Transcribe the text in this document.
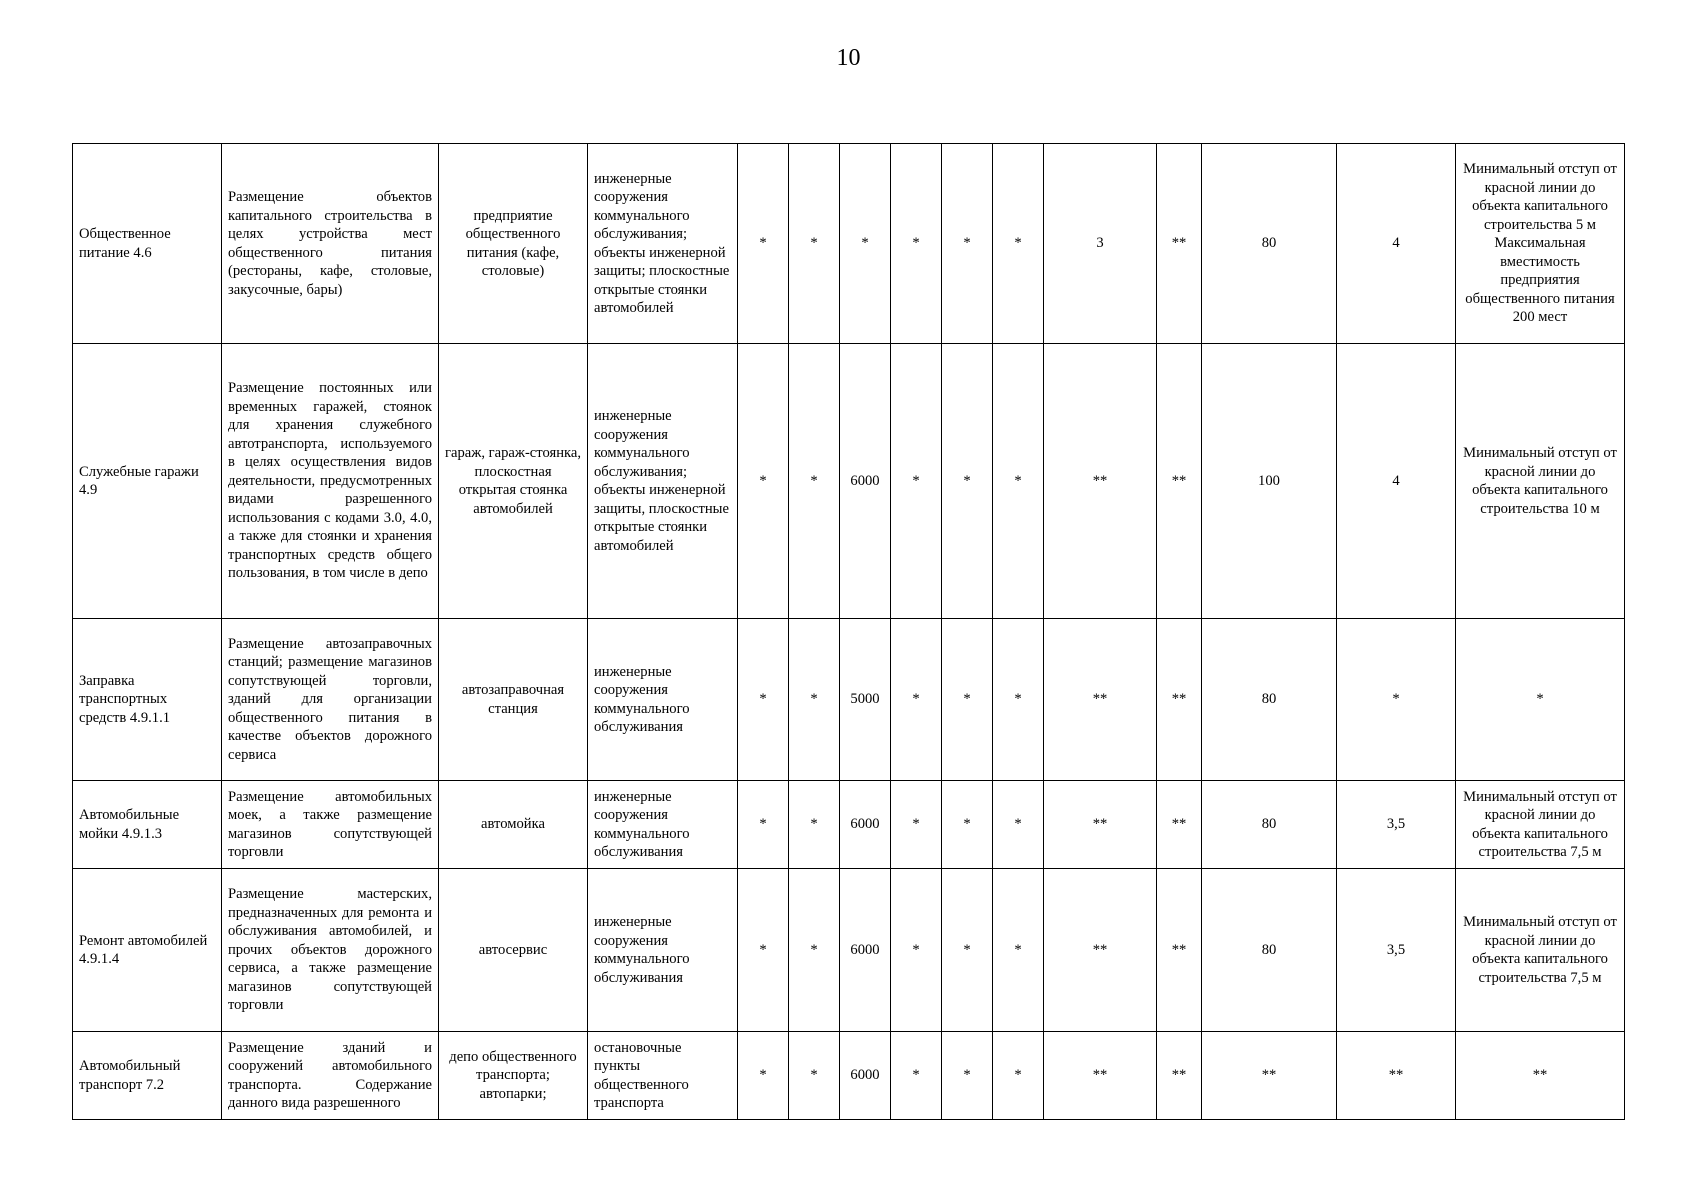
10
Общественное питание 4.6	Размещение объектов капитального строительства в целях устройства мест общественного питания (рестораны, кафе, столовые, закусочные, бары)	предприятие общественного питания (кафе, столовые)	инженерные сооружения коммунального обслуживания; объекты инженерной защиты; плоскостные открытые стоянки автомобилей	*	*	*	*	*	*	3	**	80	4	Минимальный отступ от красной линии до объекта капитального строительства 5 м Максимальная вместимость предприятия общественного питания 200 мест
Служебные гаражи 4.9	Размещение постоянных или временных гаражей, стоянок для хранения служебного автотранспорта, используемого в целях осуществления видов деятельности, предусмотренных видами разрешенного использования с кодами 3.0, 4.0, а также для стоянки и хранения транспортных средств общего пользования, в том числе в депо	гараж, гараж-стоянка, плоскостная открытая стоянка автомобилей	инженерные сооружения коммунального обслуживания; объекты инженерной защиты, плоскостные открытые стоянки автомобилей	*	*	6000	*	*	*	**	**	100	4	Минимальный отступ от красной линии до объекта капитального строительства 10 м
Заправка транспортных средств 4.9.1.1	Размещение автозаправочных станций; размещение магазинов сопутствующей торговли, зданий для организации общественного питания в качестве объектов дорожного сервиса	автозаправочная станция	инженерные сооружения коммунального обслуживания	*	*	5000	*	*	*	**	**	80	*	*
Автомобильные мойки 4.9.1.3	Размещение автомобильных моек, а также размещение магазинов сопутствующей торговли	автомойка	инженерные сооружения коммунального обслуживания	*	*	6000	*	*	*	**	**	80	3,5	Минимальный отступ от красной линии до объекта капитального строительства 7,5 м
Ремонт автомобилей 4.9.1.4	Размещение мастерских, предназначенных для ремонта и обслуживания автомобилей, и прочих объектов дорожного сервиса, а также размещение магазинов сопутствующей торговли	автосервис	инженерные сооружения коммунального обслуживания	*	*	6000	*	*	*	**	**	80	3,5	Минимальный отступ от красной линии до объекта капитального строительства 7,5 м
Автомобильный транспорт 7.2	Размещение зданий и сооружений автомобильного транспорта. Содержание данного вида разрешенного	депо общественного транспорта; автопарки;	остановочные пункты общественного транспорта	*	*	6000	*	*	*	**	**	**	**	**
